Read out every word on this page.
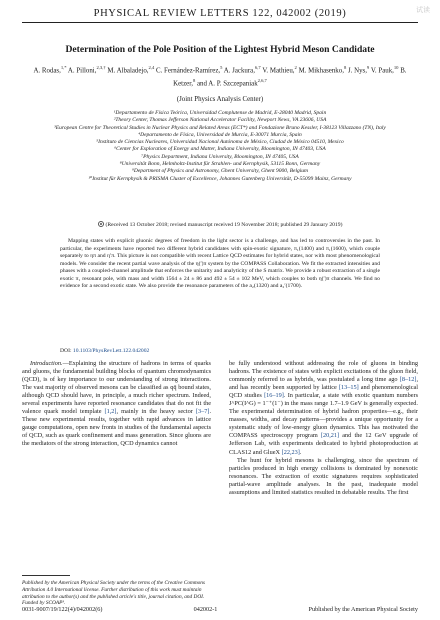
试读
PHYSICAL REVIEW LETTERS 122, 042002 (2019)
Determination of the Pole Position of the Lightest Hybrid Meson Candidate
A. Rodas,$^{1,*}$ A. Pilloni,$^{2,3,\dagger}$ M. Albaladejo,$^{2,4}$ C. Fernández-Ramírez,$^5$ A. Jackura,$^{6,7}$ V. Mathieu,$^2$ M. Mikhasenko,$^8$ J. Nys,$^9$ V. Pauk,$^{10}$ B. Ketzer,$^8$ and A. P. Szczepaniak$^{2,6,7}$
(Joint Physics Analysis Center)
¹Departamento de Física Teórica, Universidad Complutense de Madrid, E-28040 Madrid, Spain
²Theory Center, Thomas Jefferson National Accelerator Facility, Newport News, VA 23606, USA
³European Centre for Theoretical Studies in Nuclear Physics and Related Areas (ECT*) and Fondazione Bruno Kessler, I-38123 Villazzano (TN), Italy
⁴Departamento de Física, Universidad de Murcia, E-30071 Murcia, Spain
⁵Instituto de Ciencias Nucleares, Universidad Nacional Autónoma de México, Ciudad de México 04510, Mexico
⁶Center for Exploration of Energy and Matter, Indiana University, Bloomington, IN 47403, USA
⁷Physics Department, Indiana University, Bloomington, IN 47405, USA
⁸Universität Bonn, Helmholtz-Institut für Strahlen- und Kernphysik, 53115 Bonn, Germany
⁹Department of Physics and Astronomy, Ghent University, Ghent 9000, Belgium
¹⁰Institut für Kernphysik & PRISMA Cluster of Excellence, Johannes Gutenberg Universität, D-55099 Mainz, Germany
(Received 13 October 2018; revised manuscript received 19 November 2018; published 29 January 2019)
Mapping states with explicit gluonic degrees of freedom in the light sector is a challenge, and has led to controversies in the past. In particular, the experiments have reported two different hybrid candidates with spin-exotic signature, π₁(1400) and π₁(1600), which couple separately to ηπ and η′π. This picture is not compatible with recent Lattice QCD estimates for hybrid states, nor with most phenomenological models. We consider the recent partial wave analysis of the η(′)π system by the COMPASS Collaboration. We fit the extracted intensities and phases with a coupled-channel amplitude that enforces the unitarity and analyticity of the S matrix. We provide a robust extraction of a single exotic π₁ resonant pole, with mass and width 1564 ± 24 ± 86 and 492 ± 54 ± 102 MeV, which couples to both η(′)π channels. We find no evidence for a second exotic state. We also provide the resonance parameters of the a₂(1320) and a₂′(1700).
DOI: 10.1103/PhysRevLett.122.042002

Introduction.—Explaining the structure of hadrons in terms of quarks and gluons, the fundamental building blocks of quantum chromodynamics (QCD), is of key importance to our understanding of strong interactions. The vast majority of observed mesons can be classified as qq̄ bound states, although QCD should have, in principle, a much richer spectrum. Indeed, several experiments have reported resonance candidates that do not fit the valence quark model template [1,2], mainly in the heavy sector [3–7]. These new experimental results, together with rapid advances in lattice gauge computations, open new fronts in studies of the fundamental aspects of QCD, such as quark confinement and mass generation. Since gluons are the mediators of the strong interaction, QCD dynamics cannot

be fully understood without addressing the role of gluons in binding hadrons. The existence of states with explicit excitations of the gluon field, commonly referred to as hybrids, was postulated a long time ago [8–12], and has recently been supported by lattice [13–15] and phenomenological QCD studies [16–19]. In particular, a state with exotic quantum numbers J^PC(I^G) = 1⁻⁺(1⁻) in the mass range 1.7–1.9 GeV is generally expected. The experimental determination of hybrid hadron properties—e.g., their masses, widths, and decay patterns—provides a unique opportunity for a systematic study of low-energy gluon dynamics. This has motivated the COMPASS spectroscopy program [20,21] and the 12 GeV upgrade of Jefferson Lab, with experiments dedicated to hybrid photoproduction at CLAS12 and GlueX [22,23].

The hunt for hybrid mesons is challenging, since the spectrum of particles produced in high energy collisions is dominated by nonexotic resonances. The extraction of exotic signatures requires sophisticated partial-wave amplitude analyses. In the past, inadequate model assumptions and limited statistics resulted in debatable results. The first

Published by the American Physical Society under the terms of the Creative Commons Attribution 4.0 International license. Further distribution of this work must maintain attribution to the author(s) and the published article's title, journal citation, and DOI. Funded by SCOAP³.
0031-9007/19/122(4)/042002(6)	042002-1	Published by the American Physical Society
